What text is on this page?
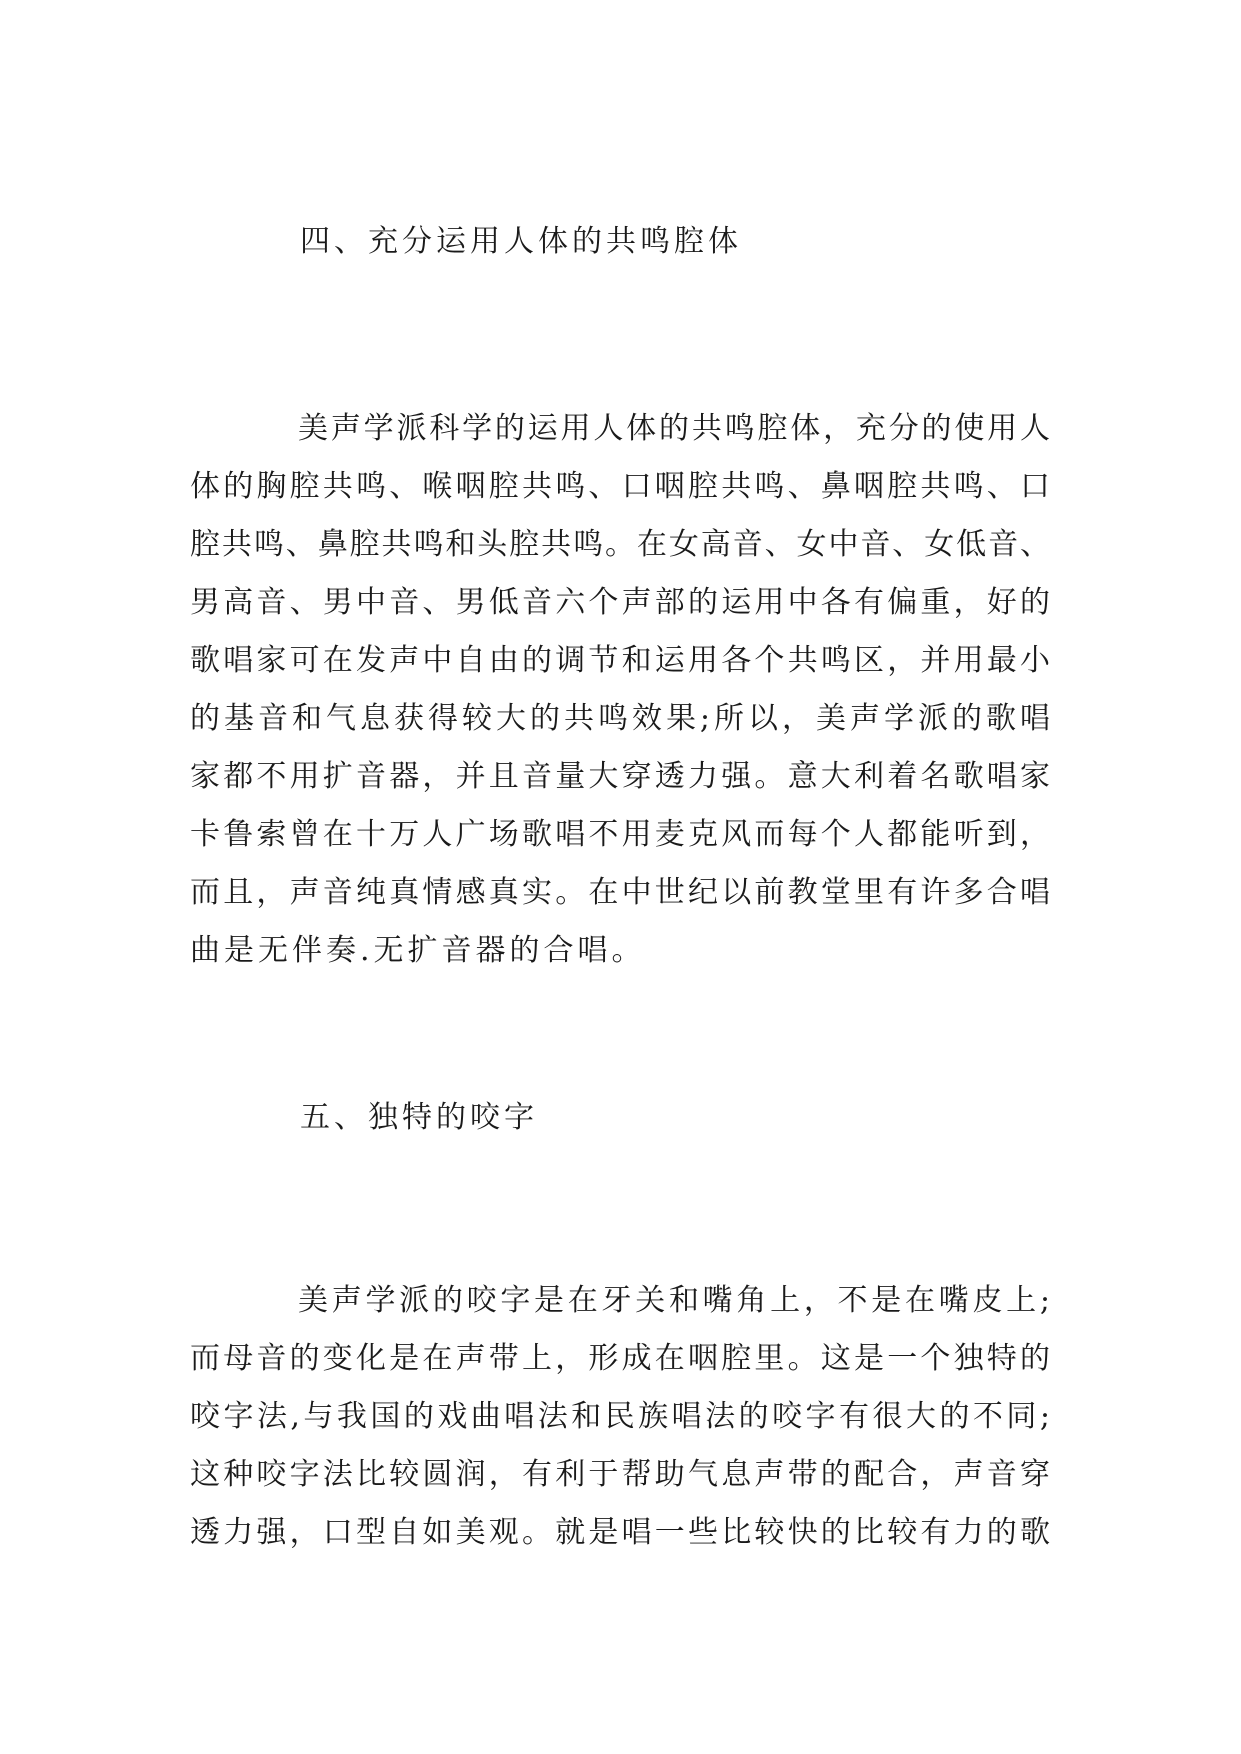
四、充分运用人体的共鸣腔体
美声学派科学的运用人体的共鸣腔体，充分的使用人
体的胸腔共鸣、喉咽腔共鸣、口咽腔共鸣、鼻咽腔共鸣、口
腔共鸣、鼻腔共鸣和头腔共鸣。在女高音、女中音、女低音、
男高音、男中音、男低音六个声部的运用中各有偏重，好的
歌唱家可在发声中自由的调节和运用各个共鸣区，并用最小
的基音和气息获得较大的共鸣效果;所以，美声学派的歌唱
家都不用扩音器，并且音量大穿透力强。意大利着名歌唱家
卡鲁索曾在十万人广场歌唱不用麦克风而每个人都能听到，
而且，声音纯真情感真实。在中世纪以前教堂里有许多合唱
曲是无伴奏.无扩音器的合唱。
五、独特的咬字
美声学派的咬字是在牙关和嘴角上，不是在嘴皮上;
而母音的变化是在声带上，形成在咽腔里。这是一个独特的
咬字法,与我国的戏曲唱法和民族唱法的咬字有很大的不同;
这种咬字法比较圆润，有利于帮助气息声带的配合，声音穿
透力强，口型自如美观。就是唱一些比较快的比较有力的歌
